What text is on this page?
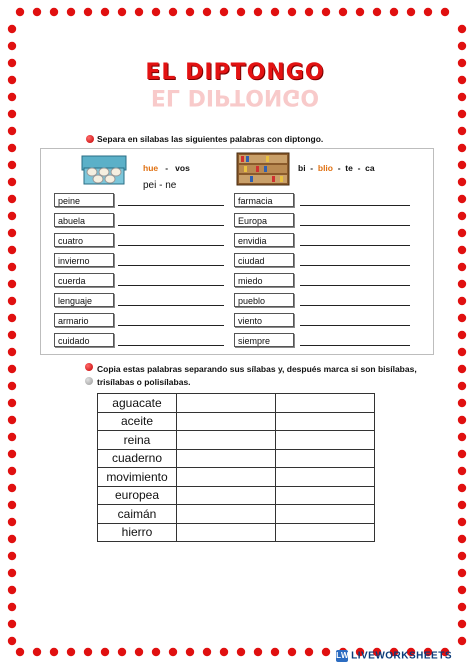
EL DIPTONGO
EL DIPTONGO
Separa en silabas las siguientes palabras con diptongo.
hue - vos
pei - ne
bi - blio - te - ca
peine
abuela
cuatro
invierno
cuerda
lenguaje
armario
cuidado
farmacia
Europa
envidia
ciudad
miedo
pueblo
viento
siempre
Copia estas palabras separando sus sílabas y, después marca si son bisílabas,
trisílabas o polisílabas.
aguacate		
aceite		
reina		
cuaderno		
movimiento		
europea		
caimán		
hierro		
LW LIVEWORKSHEETS
